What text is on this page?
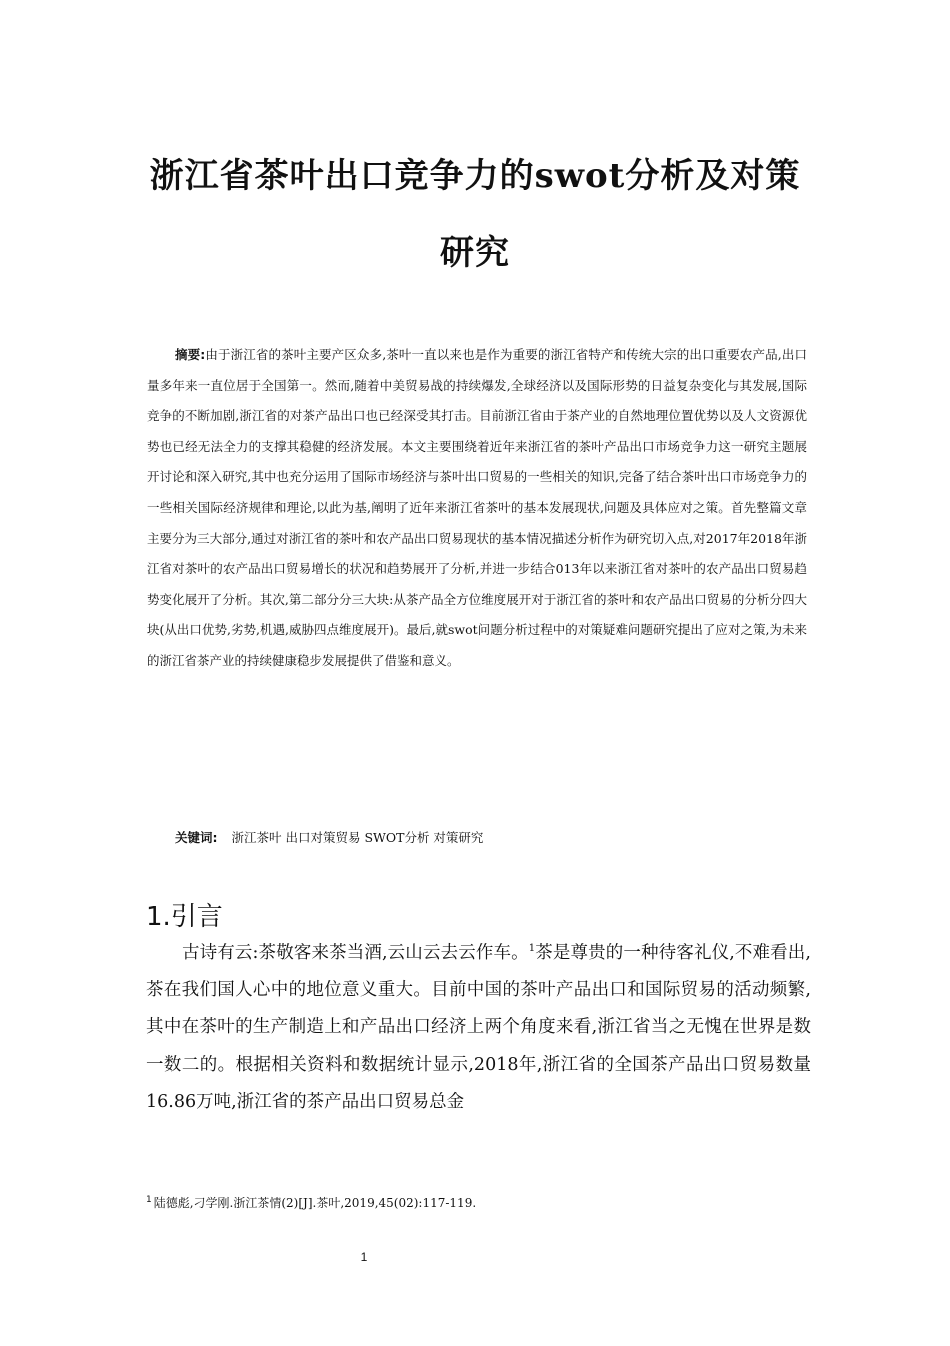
浙江省茶叶出口竞争力的swot分析及对策
研究

摘要:由于浙江省的茶叶主要产区众多,茶叶一直以来也是作为重要的浙江省特产和传统大宗的出口重要农产品,出口量多年来一直位居于全国第一。然而,随着中美贸易战的持续爆发,全球经济以及国际形势的日益复杂变化与其发展,国际竞争的不断加剧,浙江省的对茶产品出口也已经深受其打击。目前浙江省由于茶产业的自然地理位置优势以及人文资源优势也已经无法全力的支撑其稳健的经济发展。本文主要围绕着近年来浙江省的茶叶产品出口市场竞争力这一研究主题展开讨论和深入研究,其中也充分运用了国际市场经济与茶叶出口贸易的一些相关的知识,完备了结合茶叶出口市场竞争力的一些相关国际经济规律和理论,以此为基,阐明了近年来浙江省茶叶的基本发展现状,问题及具体应对之策。首先整篇文章主要分为三大部分,通过对浙江省的茶叶和农产品出口贸易现状的基本情况描述分析作为研究切入点,对2017年2018年浙江省对茶叶的农产品出口贸易增长的状况和趋势展开了分析,并进一步结合013年以来浙江省对茶叶的农产品出口贸易趋势变化展开了分析。其次,第二部分分三大块:从茶产品全方位维度展开对于浙江省的茶叶和农产品出口贸易的分析分四大块(从出口优势,劣势,机遇,威胁四点维度展开)。最后,就swot问题分析过程中的对策疑难问题研究提出了应对之策,为未来的浙江省茶产业的持续健康稳步发展提供了借鉴和意义。

关键词: 浙江茶叶 出口对策贸易 SWOT分析 对策研究

1.引言

古诗有云:茶敬客来茶当酒,云山云去云作车。$^1$茶是尊贵的一种待客礼仪,不难看出,茶在我们国人心中的地位意义重大。目前中国的茶叶产品出口和国际贸易的活动频繁,其中在茶叶的生产制造上和产品出口经济上两个角度来看,浙江省当之无愧在世界是数一数二的。根据相关资料和数据统计显示,2018年,浙江省的全国茶产品出口贸易数量16.86万吨,浙江省的茶产品出口贸易总金

$^1$ 陆德彪,刁学刚.浙江茶情(2)[J].茶叶,2019,45(02):117-119.

1
